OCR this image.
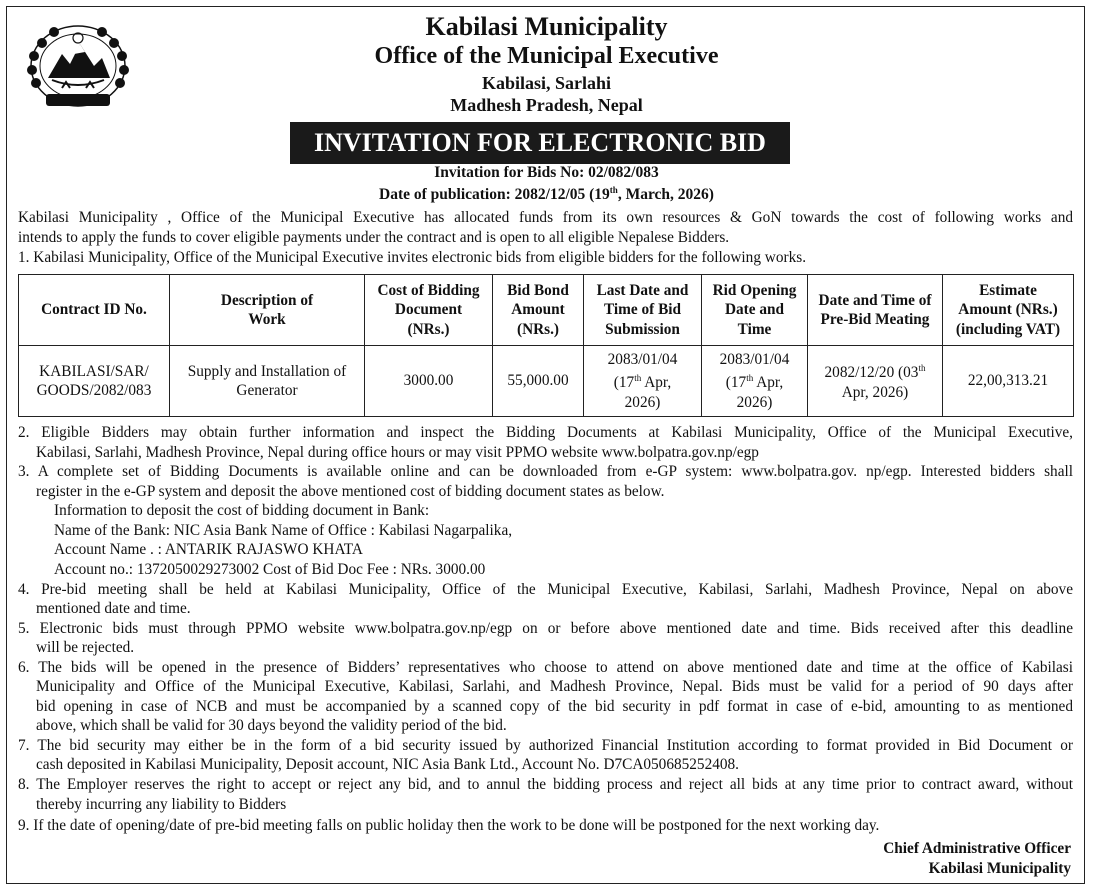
Kabilasi Municipality
Office of the Municipal Executive
Kabilasi, Sarlahi
Madhesh Pradesh, Nepal
INVITATION FOR ELECTRONIC BID
Invitation for Bids No: 02/082/083
Date of publication: 2082/12/05 (19th, March, 2026)
Kabilasi Municipality , Office of the Municipal Executive has allocated funds from its own resources & GoN towards the cost of following works and
intends to apply the funds to cover eligible payments under the contract and is open to all eligible Nepalese Bidders.
1. Kabilasi Municipality, Office of the Municipal Executive invites electronic bids from eligible bidders for the following works.
Contract ID No.	Description of
Work	Cost of Bidding
Document
(NRs.)	Bid Bond
Amount
(NRs.)	Last Date and
Time of Bid
Submission	Rid Opening
Date and
Time	Date and Time of
Pre-Bid Meating	Estimate
Amount (NRs.)
(including VAT)
KABILASI/SAR/
GOODS/2082/083	Supply and Installation of
Generator	3000.00	55,000.00	2083/01/04
(17th Apr,
2026)	2083/01/04
(17th Apr,
2026)	2082/12/20 (03th
Apr, 2026)	22,00,313.21
2. Eligible Bidders may obtain further information and inspect the Bidding Documents at Kabilasi Municipality, Office of the Municipal Executive,
Kabilasi, Sarlahi, Madhesh Province, Nepal during office hours or may visit PPMO website www.bolpatra.gov.np/egp
3. A complete set of Bidding Documents is available online and can be downloaded from e-GP system: www.bolpatra.gov. np/egp. Interested bidders shall
register in the e-GP system and deposit the above mentioned cost of bidding document states as below.
Information to deposit the cost of bidding document in Bank:
Name of the Bank: NIC Asia Bank Name of Office : Kabilasi Nagarpalika,
Account Name . : ANTARIK RAJASWO KHATA
Account no.: 1372050029273002 Cost of Bid Doc Fee : NRs. 3000.00
4. Pre-bid meeting shall be held at Kabilasi Municipality, Office of the Municipal Executive, Kabilasi, Sarlahi, Madhesh Province, Nepal on above
mentioned date and time.
5. Electronic bids must through PPMO website www.bolpatra.gov.np/egp on or before above mentioned date and time. Bids received after this deadline
will be rejected.
6. The bids will be opened in the presence of Bidders’ representatives who choose to attend on above mentioned date and time at the office of Kabilasi
Municipality and Office of the Municipal Executive, Kabilasi, Sarlahi, and Madhesh Province, Nepal. Bids must be valid for a period of 90 days after
bid opening in case of NCB and must be accompanied by a scanned copy of the bid security in pdf format in case of e-bid, amounting to as mentioned
above, which shall be valid for 30 days beyond the validity period of the bid.
7. The bid security may either be in the form of a bid security issued by authorized Financial Institution according to format provided in Bid Document or
cash deposited in Kabilasi Municipality, Deposit account, NIC Asia Bank Ltd., Account No. D7CA050685252408.
8. The Employer reserves the right to accept or reject any bid, and to annul the bidding process and reject all bids at any time prior to contract award, without
thereby incurring any liability to Bidders
9. If the date of opening/date of pre-bid meeting falls on public holiday then the work to be done will be postponed for the next working day.
Chief Administrative Officer
Kabilasi Municipality
